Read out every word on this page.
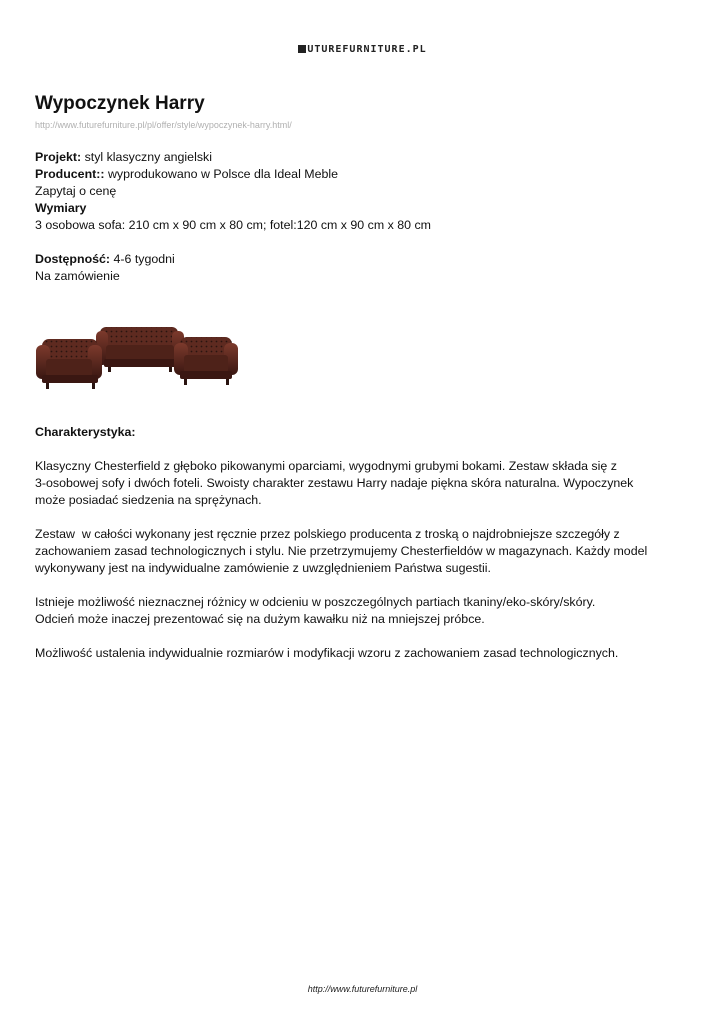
UTUREFURNITURE.PL
Wypoczynek Harry
http://www.futurefurniture.pl/pl/offer/style/wypoczynek-harry.html/
Projekt: styl klasyczny angielski
Producent:: wyprodukowano w Polsce dla Ideal Meble
Zapytaj o cenę
Wymiary
3 osobowa sofa: 210 cm x 90 cm x 80 cm; fotel:120 cm x 90 cm x 80 cm
Dostępność: 4-6 tygodni
Na zamówienie
Charakterystyka:

Klasyczny Chesterfield z głęboko pikowanymi oparciami, wygodnymi grubymi bokami. Zestaw składa się z
3-osobowej sofy i dwóch foteli. Swoisty charakter zestawu Harry nadaje piękna skóra naturalna. Wypoczynek
może posiadać siedzenia na sprężynach.

Zestaw  w całości wykonany jest ręcznie przez polskiego producenta z troską o najdrobniejsze szczegóły z
zachowaniem zasad technologicznych i stylu. Nie przetrzymujemy Chesterfieldów w magazynach. Każdy model
wykonywany jest na indywidualne zamówienie z uwzględnieniem Państwa sugestii.

Istnieje możliwość nieznacznej różnicy w odcieniu w poszczególnych partiach tkaniny/eko-skóry/skóry.
Odcień może inaczej prezentować się na dużym kawałku niż na mniejszej próbce.

Możliwość ustalenia indywidualnie rozmiarów i modyfikacji wzoru z zachowaniem zasad technologicznych.

http://www.futurefurniture.pl
